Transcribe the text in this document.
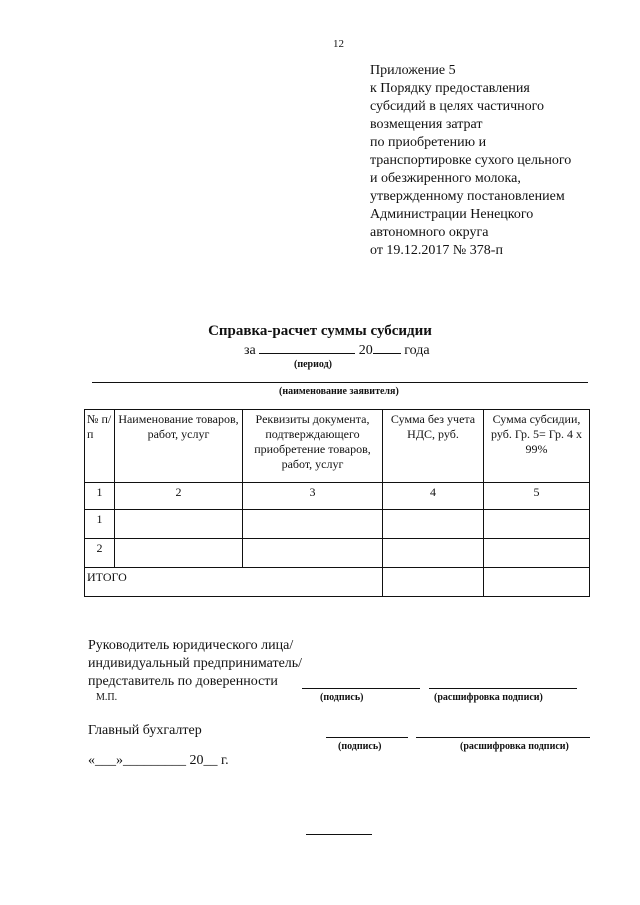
12
Приложение 5
к Порядку предоставления
субсидий в целях частичного
возмещения затрат
по приобретению и
транспортировке сухого цельного
и обезжиренного молока,
утвержденному постановлением
Администрации Ненецкого
автономного округа
от 19.12.2017 № 378-п
Справка-расчет суммы субсидии
за	20 года
(период)
(наименование заявителя)
№ п/п	Наименование товаров, работ, услуг	Реквизиты документа, подтверждающего приобретение товаров, работ, услуг	Сумма без учета НДС, руб.	Сумма субсидии, руб. Гр. 5= Гр. 4 х 99%
1	2	3	4	5
1				
2				
ИТОГО				
Руководитель юридического лица/
индивидуальный предприниматель/
представитель по доверенности
М.П.	(подпись)	(расшифровка подписи)
Главный бухгалтер
(подпись)	(расшифровка подписи)
«___»_________ 20__ г.
